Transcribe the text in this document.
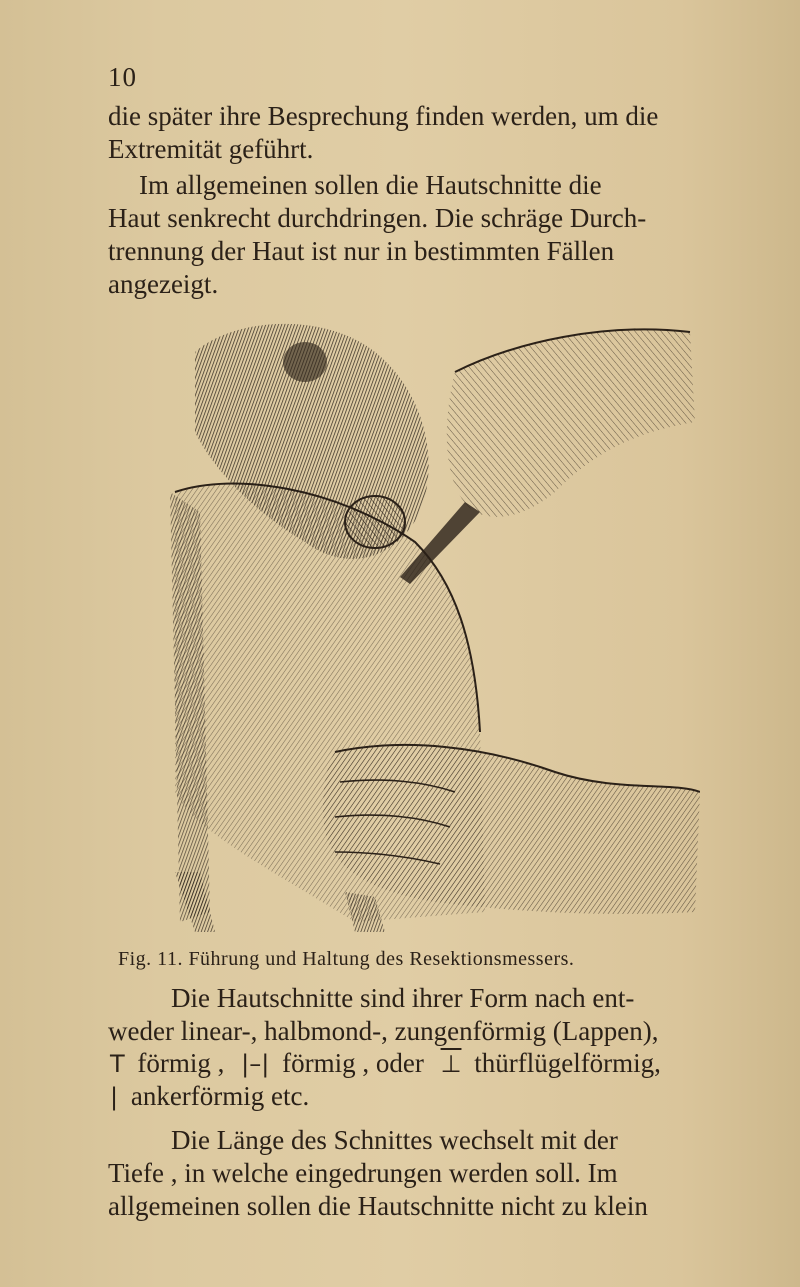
10
die später ihre Besprechung finden werden, um die
Extremität geführt.
Im allgemeinen sollen die Hautschnitte die
Haut senkrecht durchdringen. Die schräge Durch-
trennung der Haut ist nur in bestimmten Fällen
angezeigt.
Fig. 11. Führung und Haltung des Resektionsmessers.
Die Hautschnitte sind ihrer Form nach ent-
weder linear-, halbmond-, zungenförmig (Lappen),
T förmig , |–| förmig , oder ⊥ thürflügelförmig,
| ankerförmig etc.
Die Länge des Schnittes wechselt mit der
Tiefe , in welche eingedrungen werden soll. Im
allgemeinen sollen die Hautschnitte nicht zu klein
